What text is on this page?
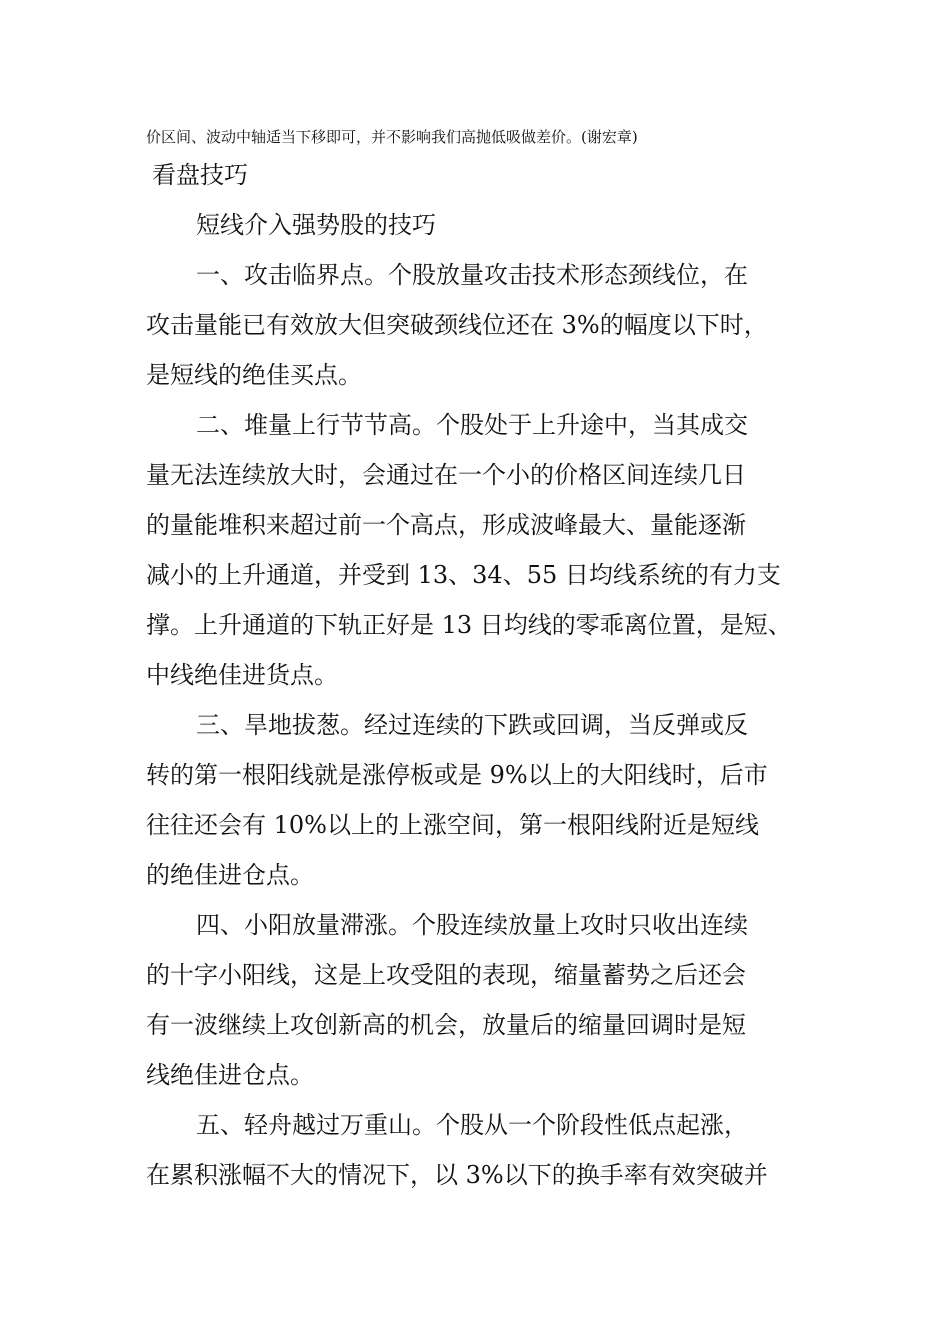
价区间、波动中轴适当下移即可，并不影响我们高抛低吸做差价。(谢宏章)
看盘技巧
短线介入强势股的技巧
一、攻击临界点。个股放量攻击技术形态颈线位，在
攻击量能已有效放大但突破颈线位还在 3%的幅度以下时，
是短线的绝佳买点。
二、堆量上行节节高。个股处于上升途中，当其成交
量无法连续放大时，会通过在一个小的价格区间连续几日
的量能堆积来超过前一个高点，形成波峰最大、量能逐渐
减小的上升通道，并受到 13、34、55 日均线系统的有力支
撑。上升通道的下轨正好是 13 日均线的零乖离位置，是短、
中线绝佳进货点。
三、旱地拔葱。经过连续的下跌或回调，当反弹或反
转的第一根阳线就是涨停板或是 9%以上的大阳线时，后市
往往还会有 10%以上的上涨空间，第一根阳线附近是短线
的绝佳进仓点。
四、小阳放量滞涨。个股连续放量上攻时只收出连续
的十字小阳线，这是上攻受阻的表现，缩量蓄势之后还会
有一波继续上攻创新高的机会，放量后的缩量回调时是短
线绝佳进仓点。
五、轻舟越过万重山。个股从一个阶段性低点起涨，
在累积涨幅不大的情况下，以 3%以下的换手率有效突破并
